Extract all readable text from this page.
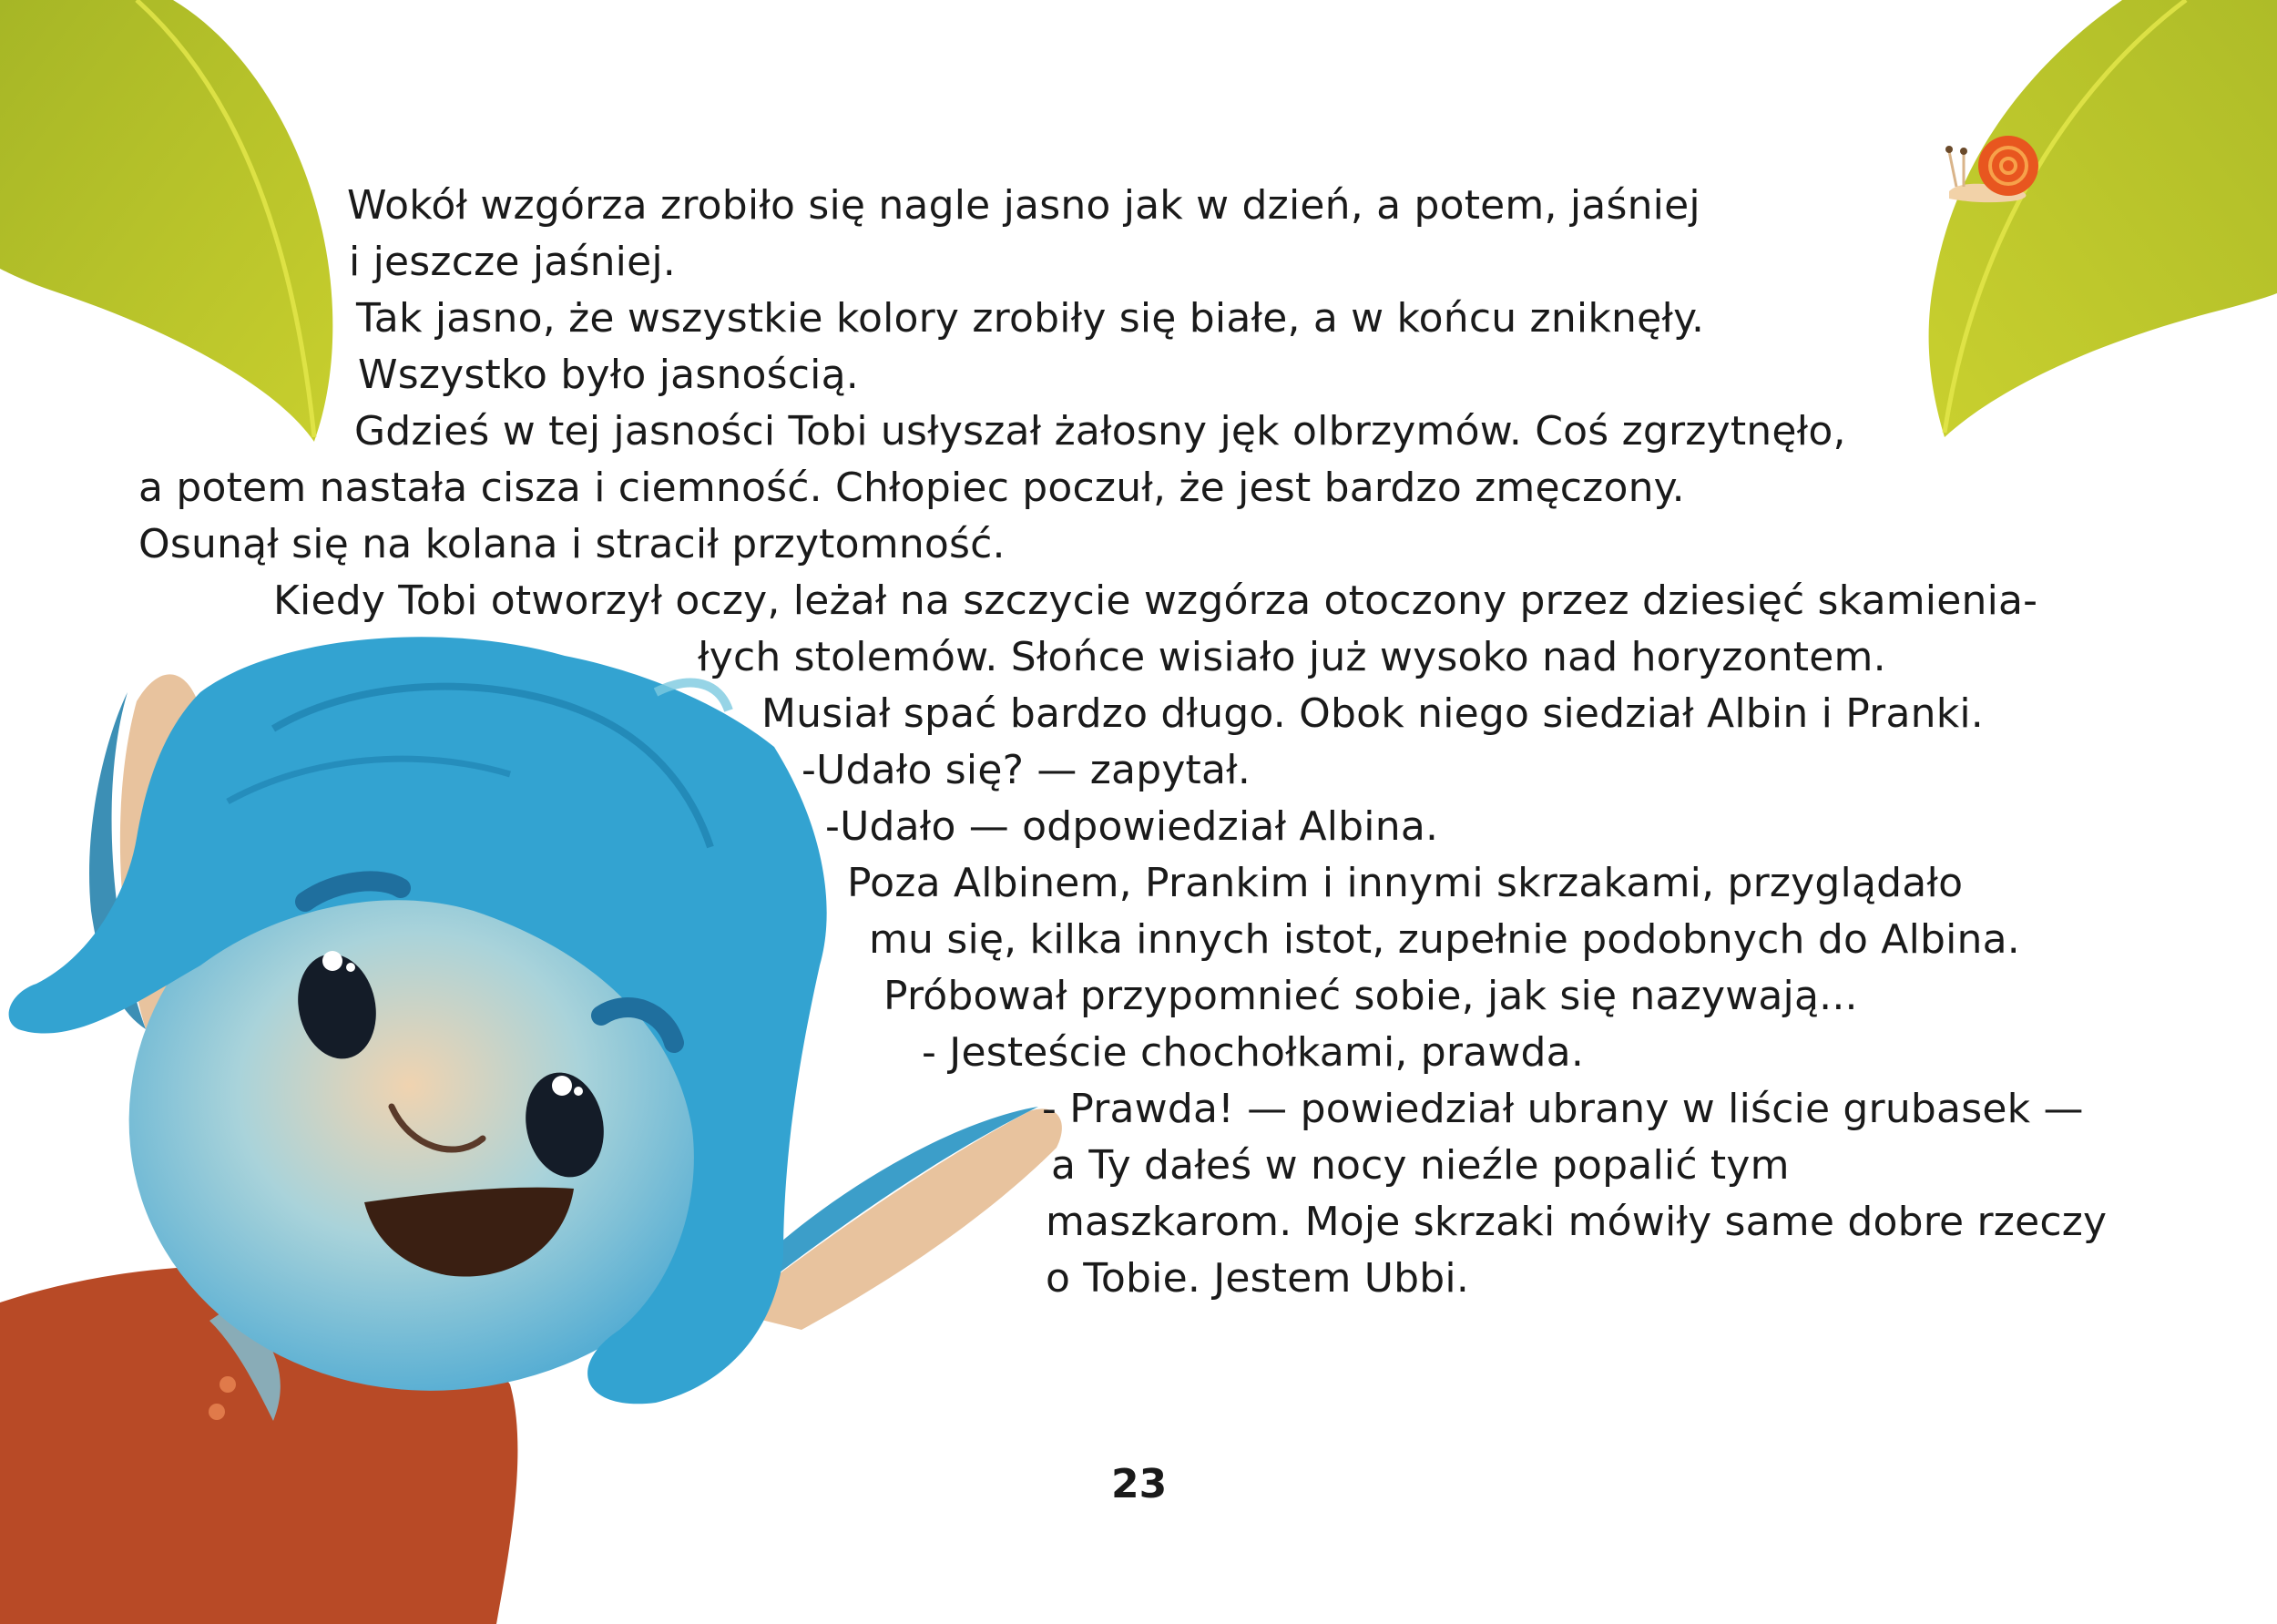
Wokół wzgórza zrobiło się nagle jasno jak w dzień, a potem, jaśniej
i jeszcze jaśniej.
Tak jasno, że wszystkie kolory zrobiły się białe, a w końcu zniknęły.
Wszystko było jasnością.
Gdzieś w tej jasności Tobi usłyszał żałosny jęk olbrzymów. Coś zgrzytnęło,
a potem nastała cisza i ciemność. Chłopiec poczuł, że jest bardzo zmęczony.
Osunął się na kolana i stracił przytomność.
Kiedy Tobi otworzył oczy, leżał na szczycie wzgórza otoczony przez dziesięć skamienia-
łych stolemów. Słońce wisiało już wysoko nad horyzontem.
Musiał spać bardzo długo. Obok niego siedział Albin i Pranki.
-Udało się? — zapytał.
-Udało — odpowiedział Albina.
Poza Albinem, Prankim i innymi skrzakami, przyglądało
mu się, kilka innych istot, zupełnie podobnych do Albina.
Próbował przypomnieć sobie, jak się nazywają...
- Jesteście chochołkami, prawda.
- Prawda! — powiedział ubrany w liście grubasek —
a Ty dałeś w nocy nieźle popalić tym
maszkarom. Moje skrzaki mówiły same dobre rzeczy
o Tobie. Jestem Ubbi.
23
